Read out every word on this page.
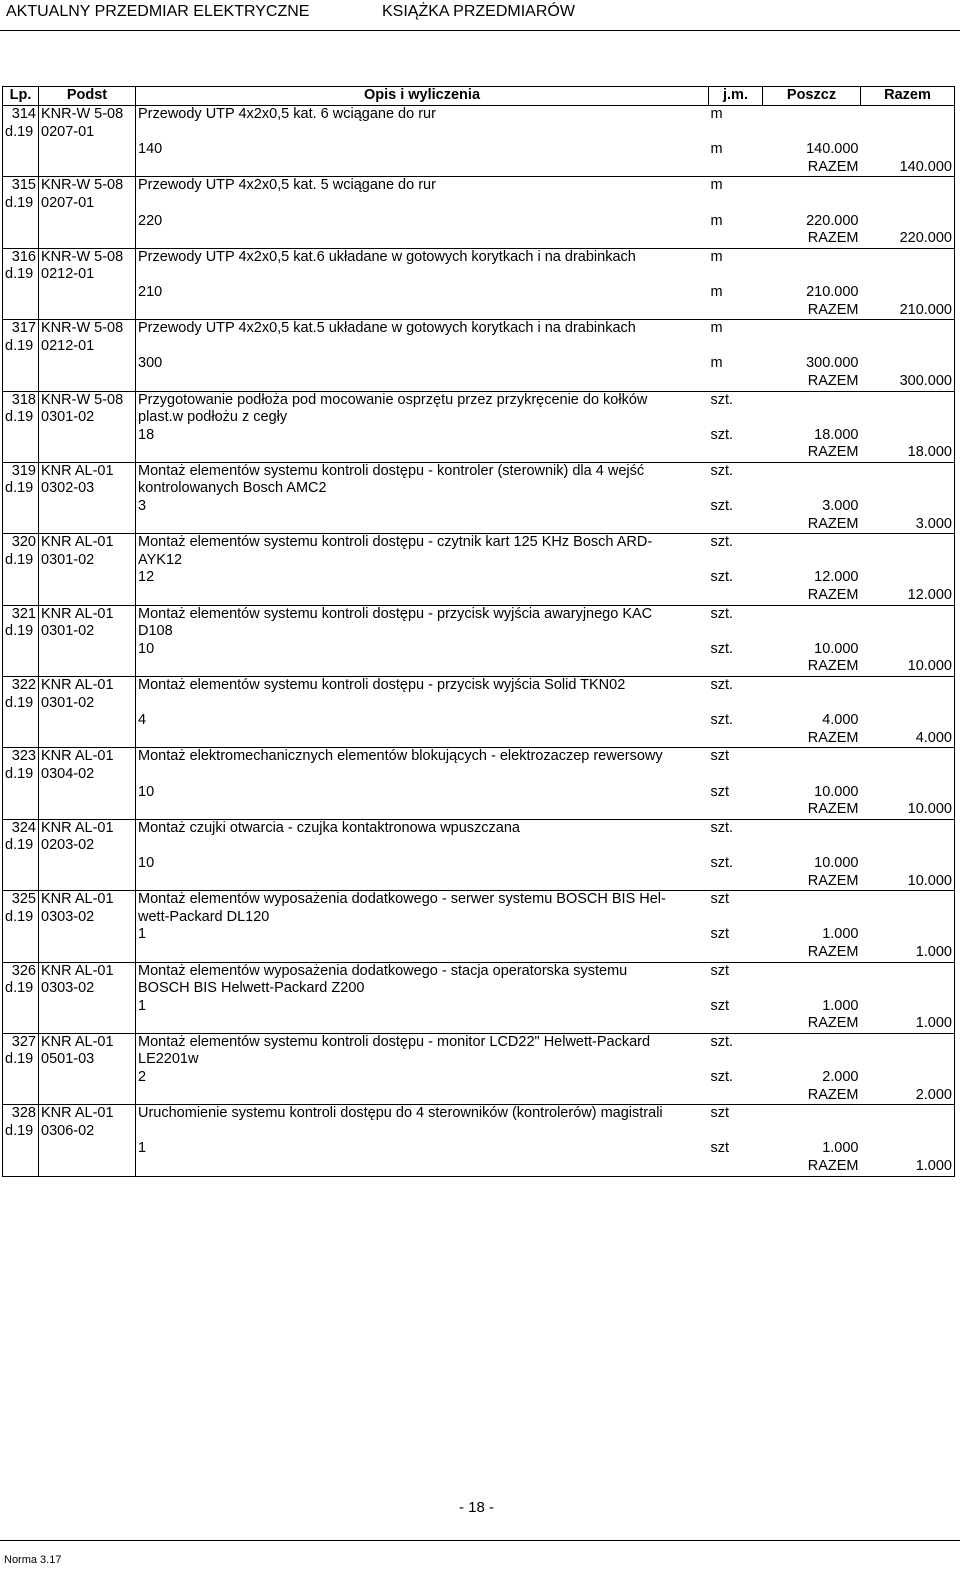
AKTUALNY PRZEDMIAR ELEKTRYCZNE	KSIĄŻKA PRZEDMIARÓW
Lp.	Podst	Opis i wyliczenia	j.m.	Poszcz	Razem
314	KNR-W 5-08	Przewody UTP 4x2x0,5 kat. 6 wciągane do rur	m		
d.19	0207-01				
		140	m	140.000	
				RAZEM	140.000
315	KNR-W 5-08	Przewody UTP 4x2x0,5 kat. 5 wciągane do rur	m		
d.19	0207-01				
		220	m	220.000	
				RAZEM	220.000
316	KNR-W 5-08	Przewody UTP 4x2x0,5 kat.6 układane w gotowych korytkach i na drabinkach	m		
d.19	0212-01				
		210	m	210.000	
				RAZEM	210.000
317	KNR-W 5-08	Przewody UTP 4x2x0,5 kat.5 układane w gotowych korytkach i na drabinkach	m		
d.19	0212-01				
		300	m	300.000	
				RAZEM	300.000
318	KNR-W 5-08	Przygotowanie podłoża pod mocowanie osprzętu przez przykręcenie do kołków	szt.		
d.19	0301-02	plast.w podłożu z cegły			
		18	szt.	18.000	
				RAZEM	18.000
319	KNR AL-01	Montaż elementów systemu kontroli dostępu - kontroler (sterownik) dla 4 wejść	szt.		
d.19	0302-03	kontrolowanych Bosch AMC2			
		3	szt.	3.000	
				RAZEM	3.000
320	KNR AL-01	Montaż elementów systemu kontroli dostępu - czytnik kart 125 KHz Bosch ARD-	szt.		
d.19	0301-02	AYK12			
		12	szt.	12.000	
				RAZEM	12.000
321	KNR AL-01	Montaż elementów systemu kontroli dostępu - przycisk wyjścia awaryjnego KAC	szt.		
d.19	0301-02	D108			
		10	szt.	10.000	
				RAZEM	10.000
322	KNR AL-01	Montaż elementów systemu kontroli dostępu - przycisk wyjścia Solid TKN02	szt.		
d.19	0301-02				
		4	szt.	4.000	
				RAZEM	4.000
323	KNR AL-01	Montaż elektromechanicznych elementów blokujących - elektrozaczep rewersowy	szt		
d.19	0304-02				
		10	szt	10.000	
				RAZEM	10.000
324	KNR AL-01	Montaż czujki otwarcia - czujka kontaktronowa wpuszczana	szt.		
d.19	0203-02				
		10	szt.	10.000	
				RAZEM	10.000
325	KNR AL-01	Montaż elementów wyposażenia dodatkowego - serwer systemu BOSCH BIS Hel-	szt		
d.19	0303-02	wett-Packard DL120			
		1	szt	1.000	
				RAZEM	1.000
326	KNR AL-01	Montaż elementów wyposażenia dodatkowego - stacja operatorska systemu	szt		
d.19	0303-02	BOSCH BIS Helwett-Packard Z200			
		1	szt	1.000	
				RAZEM	1.000
327	KNR AL-01	Montaż elementów systemu kontroli dostępu - monitor LCD22" Helwett-Packard	szt.		
d.19	0501-03	LE2201w			
		2	szt.	2.000	
				RAZEM	2.000
328	KNR AL-01	Uruchomienie systemu kontroli dostępu do 4 sterowników (kontrolerów) magistrali	szt		
d.19	0306-02				
		1	szt	1.000	
				RAZEM	1.000
- 18 -
Norma 3.17
